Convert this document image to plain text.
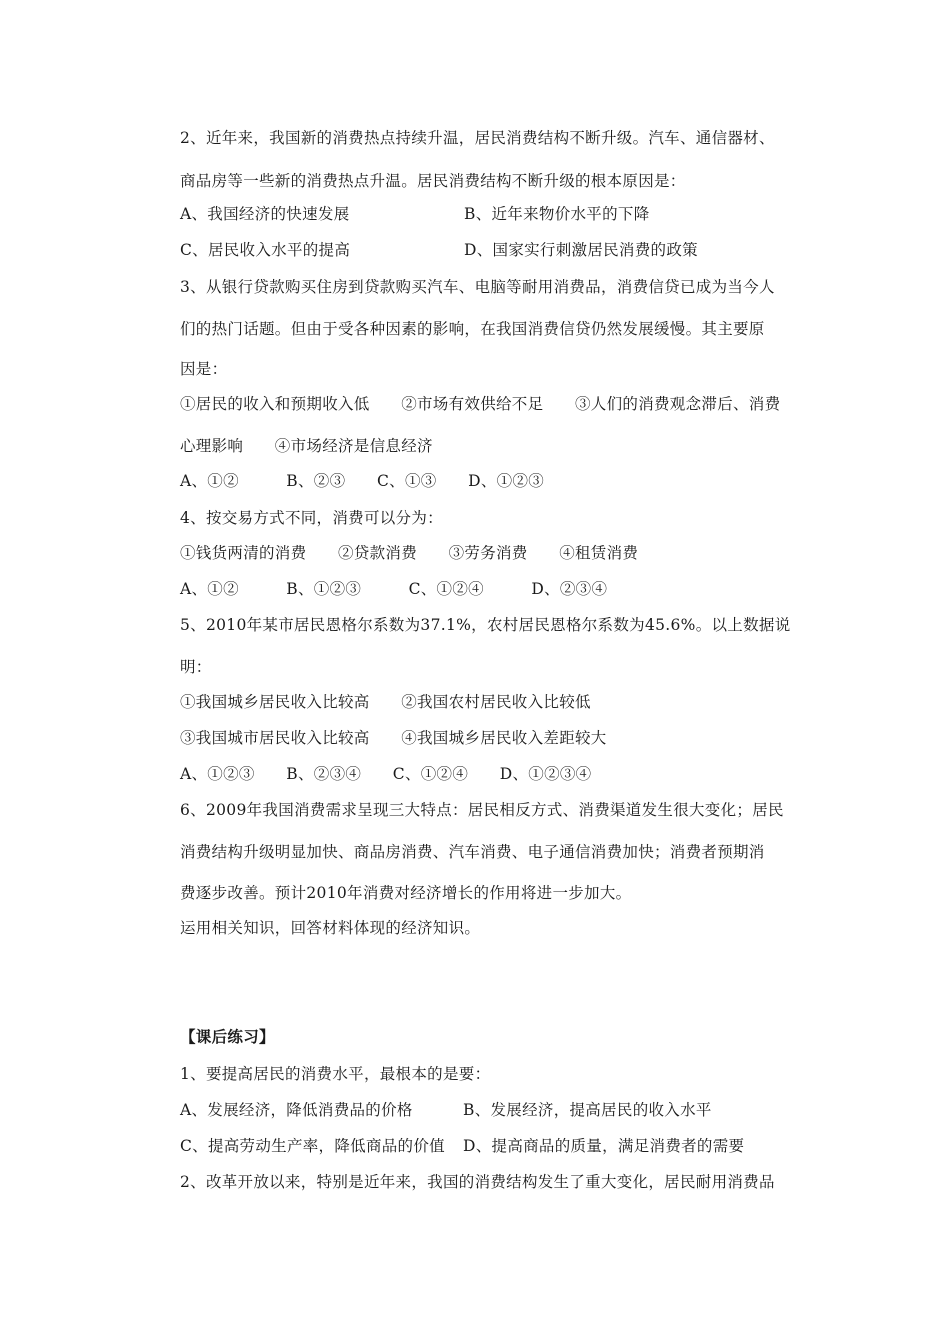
2、近年来，我国新的消费热点持续升温，居民消费结构不断升级。汽车、通信器材、
商品房等一些新的消费热点升温。居民消费结构不断升级的根本原因是：
A、我国经济的快速发展	B、近年来物价水平的下降
C、居民收入水平的提高	D、国家实行刺激居民消费的政策
3、从银行贷款购买住房到贷款购买汽车、电脑等耐用消费品，消费信贷已成为当今人
们的热门话题。但由于受各种因素的影响，在我国消费信贷仍然发展缓慢。其主要原
因是：
①居民的收入和预期收入低　　②市场有效供给不足　　③人们的消费观念滞后、消费
心理影响　　④市场经济是信息经济
A、①②　　　B、②③　　C、①③　　D、①②③
4、按交易方式不同，消费可以分为：
①钱货两清的消费　　②贷款消费　　③劳务消费　　④租赁消费
A、①②　　　B、①②③　　　C、①②④　　　D、②③④
5、2010年某市居民恩格尔系数为37.1%，农村居民恩格尔系数为45.6%。以上数据说
明：
①我国城乡居民收入比较高　　②我国农村居民收入比较低
③我国城市居民收入比较高　　④我国城乡居民收入差距较大
A、①②③　　B、②③④　　C、①②④　　D、①②③④
6、2009年我国消费需求呈现三大特点：居民相反方式、消费渠道发生很大变化；居民
消费结构升级明显加快、商品房消费、汽车消费、电子通信消费加快；消费者预期消
费逐步改善。预计2010年消费对经济增长的作用将进一步加大。
运用相关知识，回答材料体现的经济知识。
【课后练习】
1、要提高居民的消费水平，最根本的是要：
A、发展经济，降低消费品的价格	B、发展经济，提高居民的收入水平
C、提高劳动生产率，降低商品的价值 D、提高商品的质量，满足消费者的需要
2、改革开放以来，特别是近年来，我国的消费结构发生了重大变化，居民耐用消费品
